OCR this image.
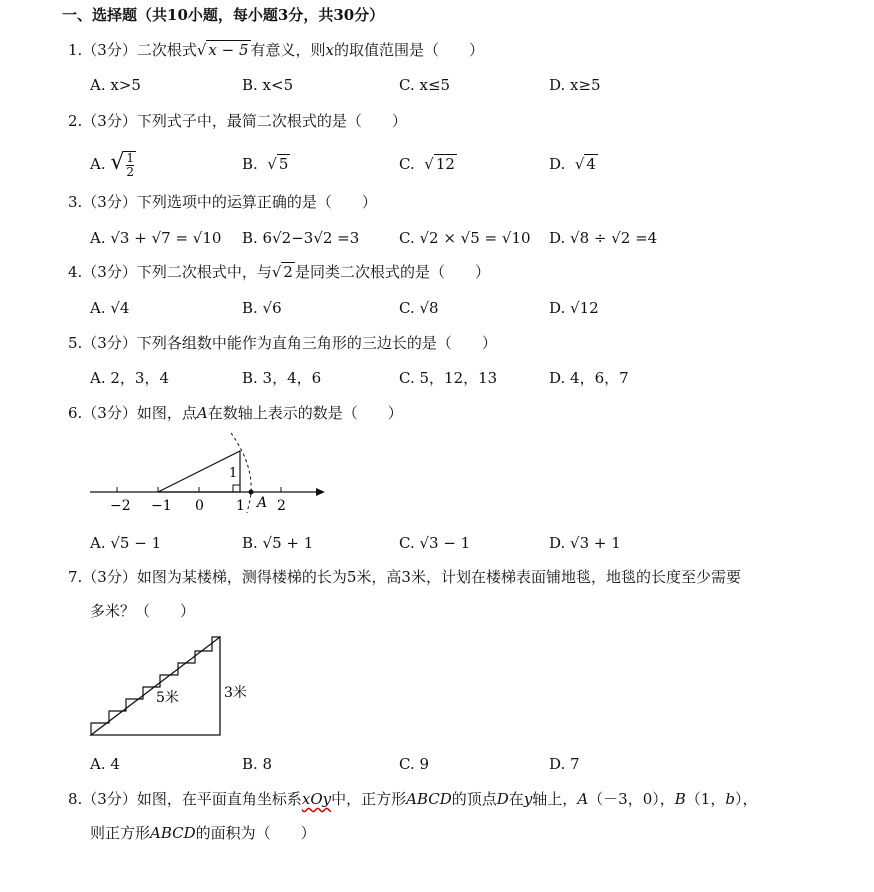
一、选择题（共10小题，每小题3分，共30分）
1.（3分）二次根式√ x − 5 有意义，则x的取值范围是（　　）
A. x>5	B. x<5	C. x≤5	D. x≥5
2.（3分）下列式子中，最简二次根式的是（　　）
A. √ $\frac{1}{2}$	B. √ 5	C. √ 12	D. √ 4
3.（3分）下列选项中的运算正确的是（　　）
A. √3 + √7 = √10 B. 6√2−3√2 =3	C. √2 × √5 = √10 D. √8 ÷ √2 =4
4.（3分）下列二次根式中，与√ 2 是同类二次根式的是（　　）
A. √4	B. √6	C. √8	D. √12
5.（3分）下列各组数中能作为直角三角形的三边长的是（　　）
A. 2，3，4	B. 3，4，6	C. 5，12，13	D. 4，6，7
6.（3分）如图，点A在数轴上表示的数是（　　）
−2 −1 0 1 2
1
A
A. √5 − 1	B. √5 + 1	C. √3 − 1	D. √3 + 1
7.（3分）如图为某楼梯，测得楼梯的长为5米，高3米，计划在楼梯表面铺地毯，地毯的长度至少需要
多米？（　　）
5米	3米
A. 4	B. 8	C. 9	D. 7
8.（3分）如图，在平面直角坐标系xOy中，正方形ABCD的顶点D在y轴上，A（－3，0），B（1，b），
则正方形ABCD的面积为（　　）
